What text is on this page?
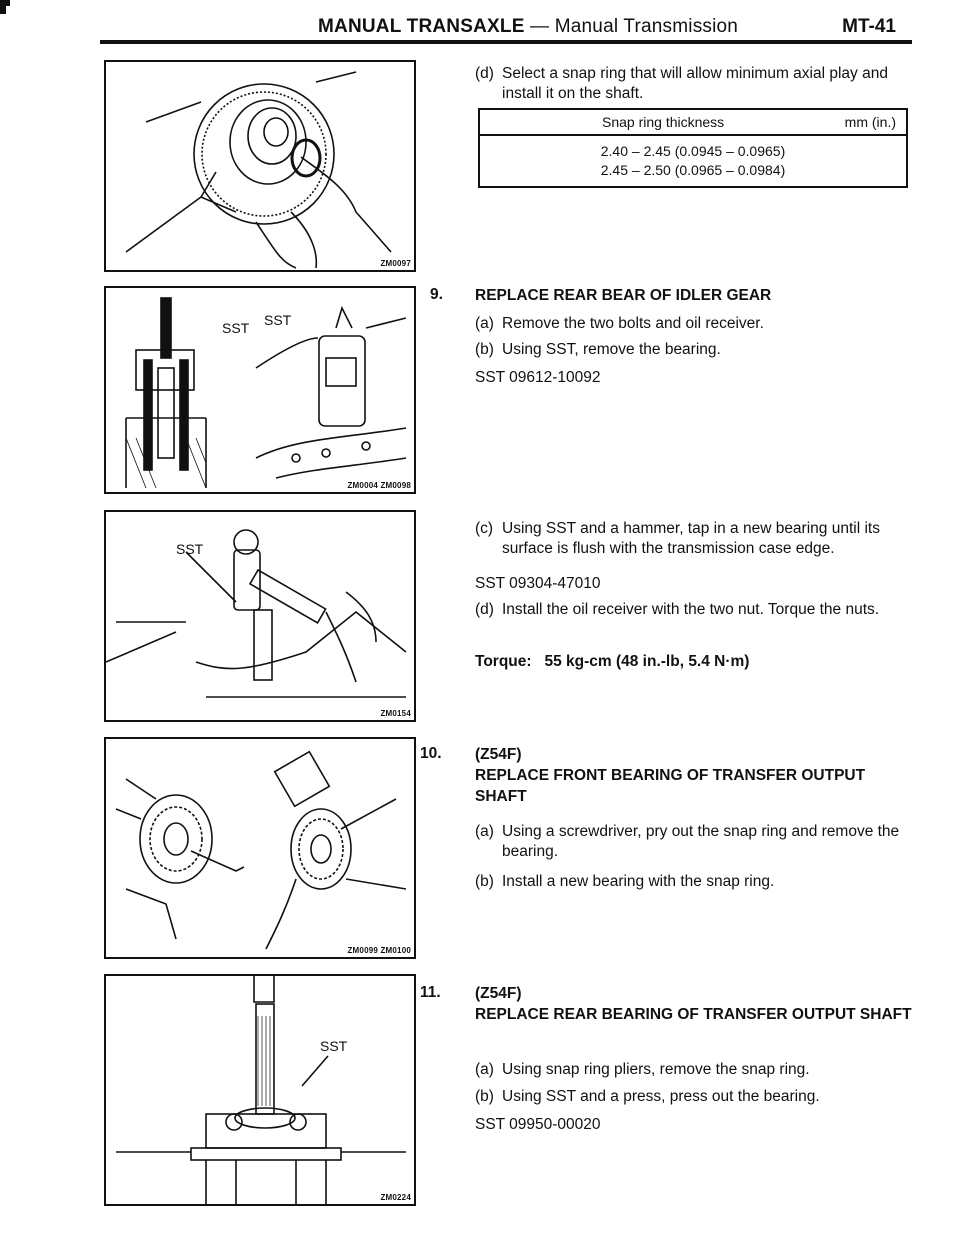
MANUAL TRANSAXLE — Manual Transmission	MT-41
ZM0097
SST
SST
ZM0004 ZM0098
SST
ZM0154
ZM0099 ZM0100
SST
ZM0224
(d) Select a snap ring that will allow minimum axial play and install it on the shaft.
Snap ring thickness	mm (in.)
2.40 – 2.45 (0.0945 – 0.0965)
2.45 – 2.50 (0.0965 – 0.0984)
9. REPLACE REAR BEAR OF IDLER GEAR
(a) Remove the two bolts and oil receiver.
(b) Using SST, remove the bearing.
SST 09612-10092
(c) Using SST and a hammer, tap in a new bearing until its surface is flush with the transmission case edge.
SST 09304-47010
(d) Install the oil receiver with the two nut. Torque the nuts.
Torque: 55 kg-cm (48 in.-lb, 5.4 N·m)
10. (Z54F)
REPLACE FRONT BEARING OF TRANSFER OUTPUT SHAFT
(a) Using a screwdriver, pry out the snap ring and remove the bearing.
(b) Install a new bearing with the snap ring.
11. (Z54F)
REPLACE REAR BEARING OF TRANSFER OUTPUT SHAFT
(a) Using snap ring pliers, remove the snap ring.
(b) Using SST and a press, press out the bearing.
SST 09950-00020
